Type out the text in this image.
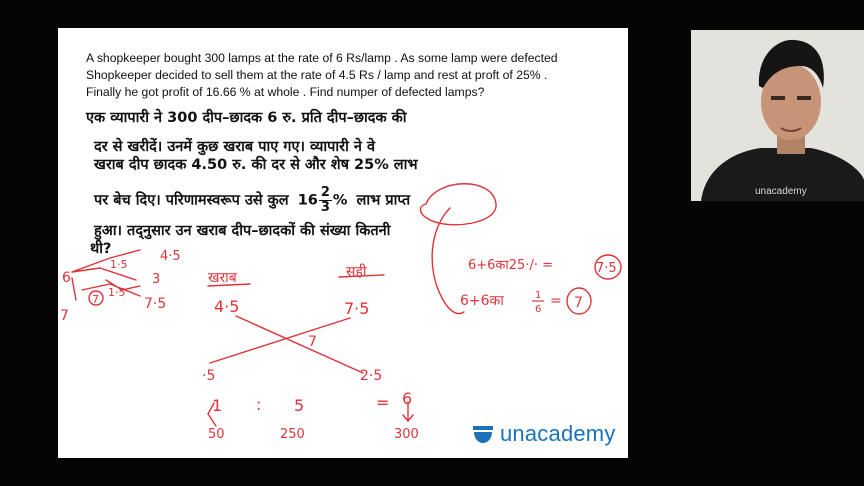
A shopkeeper bought 300 lamps at the rate of 6 Rs/lamp . As some lamp were defected
Shopkeeper decided to sell them at the rate of 4.5 Rs / lamp and rest at proft of 25% .
Finally he got profit of 16.66 % at whole . Find numper of defected lamps?
एक व्यापारी ने 300 दीप–छादक 6 रु. प्रति दीप–छादक की
दर से खरीदें। उनमें कुछ खराब पाए गए। व्यापारी ने वे
खराब दीप छादक 4.50 रु. की दर से और शेष 25% लाभ
पर बेच दिए। परिणामस्वरूप उसे कुल $16 \frac{2}{3}$ % लाभ प्राप्त
हुआ। तद्नुसार उन खराब दीप–छादकों की संख्या कितनी
थी?	4·5
1·5
6	3
1·5
7
7	7·5
खराब	सही
4·5	7·5
7
·5	2·5
1 : 5	= 6
50	250	300
6+6का25·/· =	7·5
6+6का	1
6
= 7
unacademy
unacademy
